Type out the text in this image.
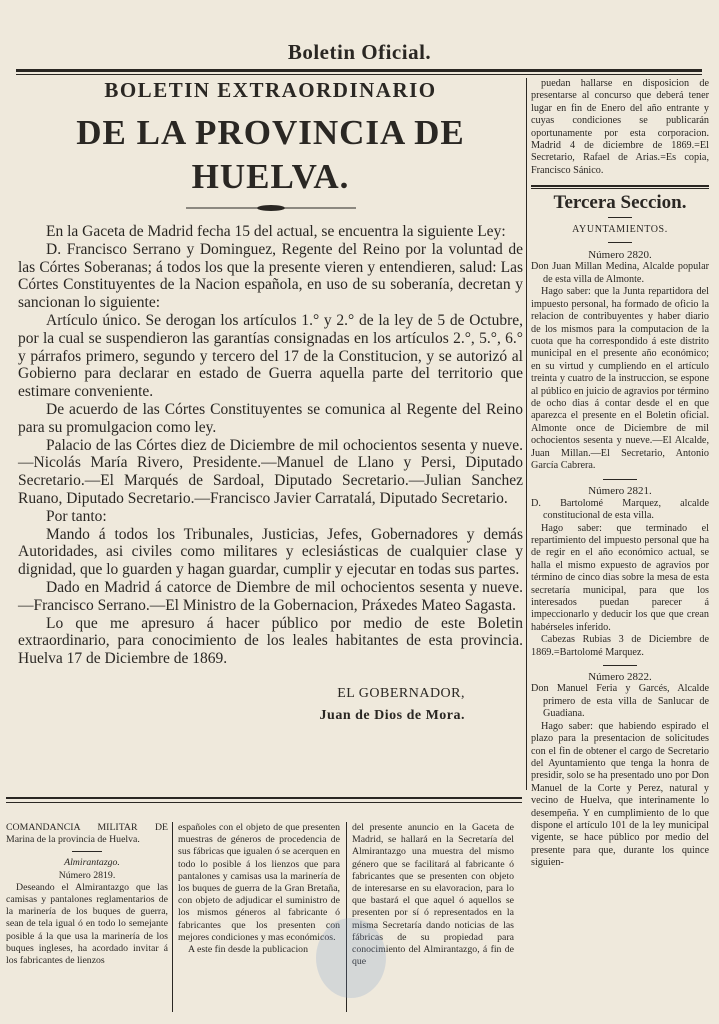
Boletin Oficial.
BOLETIN EXTRAORDINARIO
DE LA PROVINCIA DE HUELVA.

En la Gaceta de Madrid fecha 15 del actual, se encuentra la siguiente Ley:

D. Francisco Serrano y Dominguez, Regente del Reino por la voluntad de las Córtes Soberanas; á todos los que la presente vieren y entendieren, salud: Las Córtes Constituyentes de la Nacion española, en uso de su soberanía, decretan y sancionan lo siguiente:

Artículo único. Se derogan los artículos 1.° y 2.° de la ley de 5 de Octubre, por la cual se suspendieron las garantías consignadas en los artículos 2.°, 5.°, 6.° y párrafos primero, segundo y tercero del 17 de la Constitucion, y se autorizó al Gobierno para declarar en estado de Guerra aquella parte del territorio que estimare conveniente.

De acuerdo de las Córtes Constituyentes se comunica al Regente del Reino para su promulgacion como ley.

Palacio de las Córtes diez de Diciembre de mil ochocientos sesenta y nueve.—Nicolás María Rivero, Presidente.—Manuel de Llano y Persi, Diputado Secretario.—El Marqués de Sardoal, Diputado Secretario.—Julian Sanchez Ruano, Diputado Secretario.—Francisco Javier Carratalá, Diputado Secretario.

Por tanto:

Mando á todos los Tribunales, Justicias, Jefes, Gobernadores y demás Autoridades, asi civiles como militares y eclesiásticas de cualquier clase y dignidad, que lo guarden y hagan guardar, cumplir y ejecutar en todas sus partes.

Dado en Madrid á catorce de Diembre de mil ochocientos sesenta y nueve.—Francisco Serrano.—El Ministro de la Gobernacion, Práxedes Mateo Sagasta.

Lo que me apresuro á hacer público por medio de este Boletin extraordinario, para conocimiento de los leales habitantes de esta provincia. Huelva 17 de Diciembre de 1869.

EL GOBERNADOR,
Juan de Dios de Mora.

puedan hallarse en disposicion de presentarse al concurso que deberá tener lugar en fin de Enero del año entrante y cuyas condiciones se publicarán oportunamente por esta corporacion. Madrid 4 de diciembre de 1869.=El Secretario, Rafael de Arias.=Es copia, Francisco Sánico.

Tercera Seccion.

AYUNTAMIENTOS.

Número 2820.

Don Juan Millan Medina, Alcalde popular de esta villa de Almonte.

Hago saber: que la Junta repartidora del impuesto personal, ha formado de oficio la relacion de contribuyentes y haber diario de los mismos para la computacion de la cuota que ha correspondido á este distrito municipal en el presente año económico; en su virtud y cumpliendo en el artículo treinta y cuatro de la instruccion, se espone al público en juicio de agravios por término de ocho dias á contar desde el en que aparezca el presente en el Boletin oficial. Almonte once de Diciembre de mil ochocientos sesenta y nueve.—El Alcalde, Juan Millan.—El Secretario, Antonio García Cabrera.

Número 2821.

D. Bartolomé Marquez, alcalde constitucional de esta villa.

Hago saber: que terminado el repartimiento del impuesto personal que ha de regir en el año económico actual, se halla el mismo expuesto de agravios por término de cinco dias sobre la mesa de esta secretaría municipal, para que los interesados puedan parecer á impeccionarlo y deducir los que que crean habérseles inferido.

Cabezas Rubias 3 de Diciembre de 1869.=Bartolomé Marquez.

Número 2822.

Don Manuel Feria y Garcés, Alcalde primero de esta villa de Sanlucar de Guadiana.

Hago saber: que habiendo espirado el plazo para la presentacion de solicitudes con el fin de obtener el cargo de Secretario del Ayuntamiento que tenga la honra de presidir, solo se ha presentado uno por Don Manuel de la Corte y Perez, natural y vecino de Huelva, que interinamente lo desempeña. Y en cumplimiento de lo que dispone el artículo 101 de la ley municipal vigente, se hace público por medio del presente para que, durante los quince siguien-

COMANDANCIA MILITAR DE Marina de la provincia de Huelva.

Almirantazgo.

Número 2819.

Deseando el Almirantazgo que las camisas y pantalones reglamentarios de la marinería de los buques de guerra, sean de tela igual ó en todo lo semejante posible á la que usa la marinería de los buques ingleses, ha acordado invitar á los fabricantes de lienzos

españoles con el objeto de que presenten muestras de géneros de procedencia de sus fábricas que igualen ó se acerquen en todo lo posible á los lienzos que para pantalones y camisas usa la marinería de los buques de guerra de la Gran Bretaña, con objeto de adjudicar el suministro de los mismos géneros al fabricante ó fabricantes que los presenten con mejores condiciones y mas económicos.

A este fin desde la publicacion

del presente anuncio en la Gaceta de Madrid, se hallará en la Secretaría del Almirantazgo una muestra del mismo género que se facilitará al fabricante ó fabricantes que se presenten con objeto de interesarse en su elavoracion, para lo que bastará el que aquel ó aquellos se presenten por sí ó representados en la misma Secretaría dando noticias de las fábricas de su propiedad para conocimiento del Almirantazgo, á fin de que
